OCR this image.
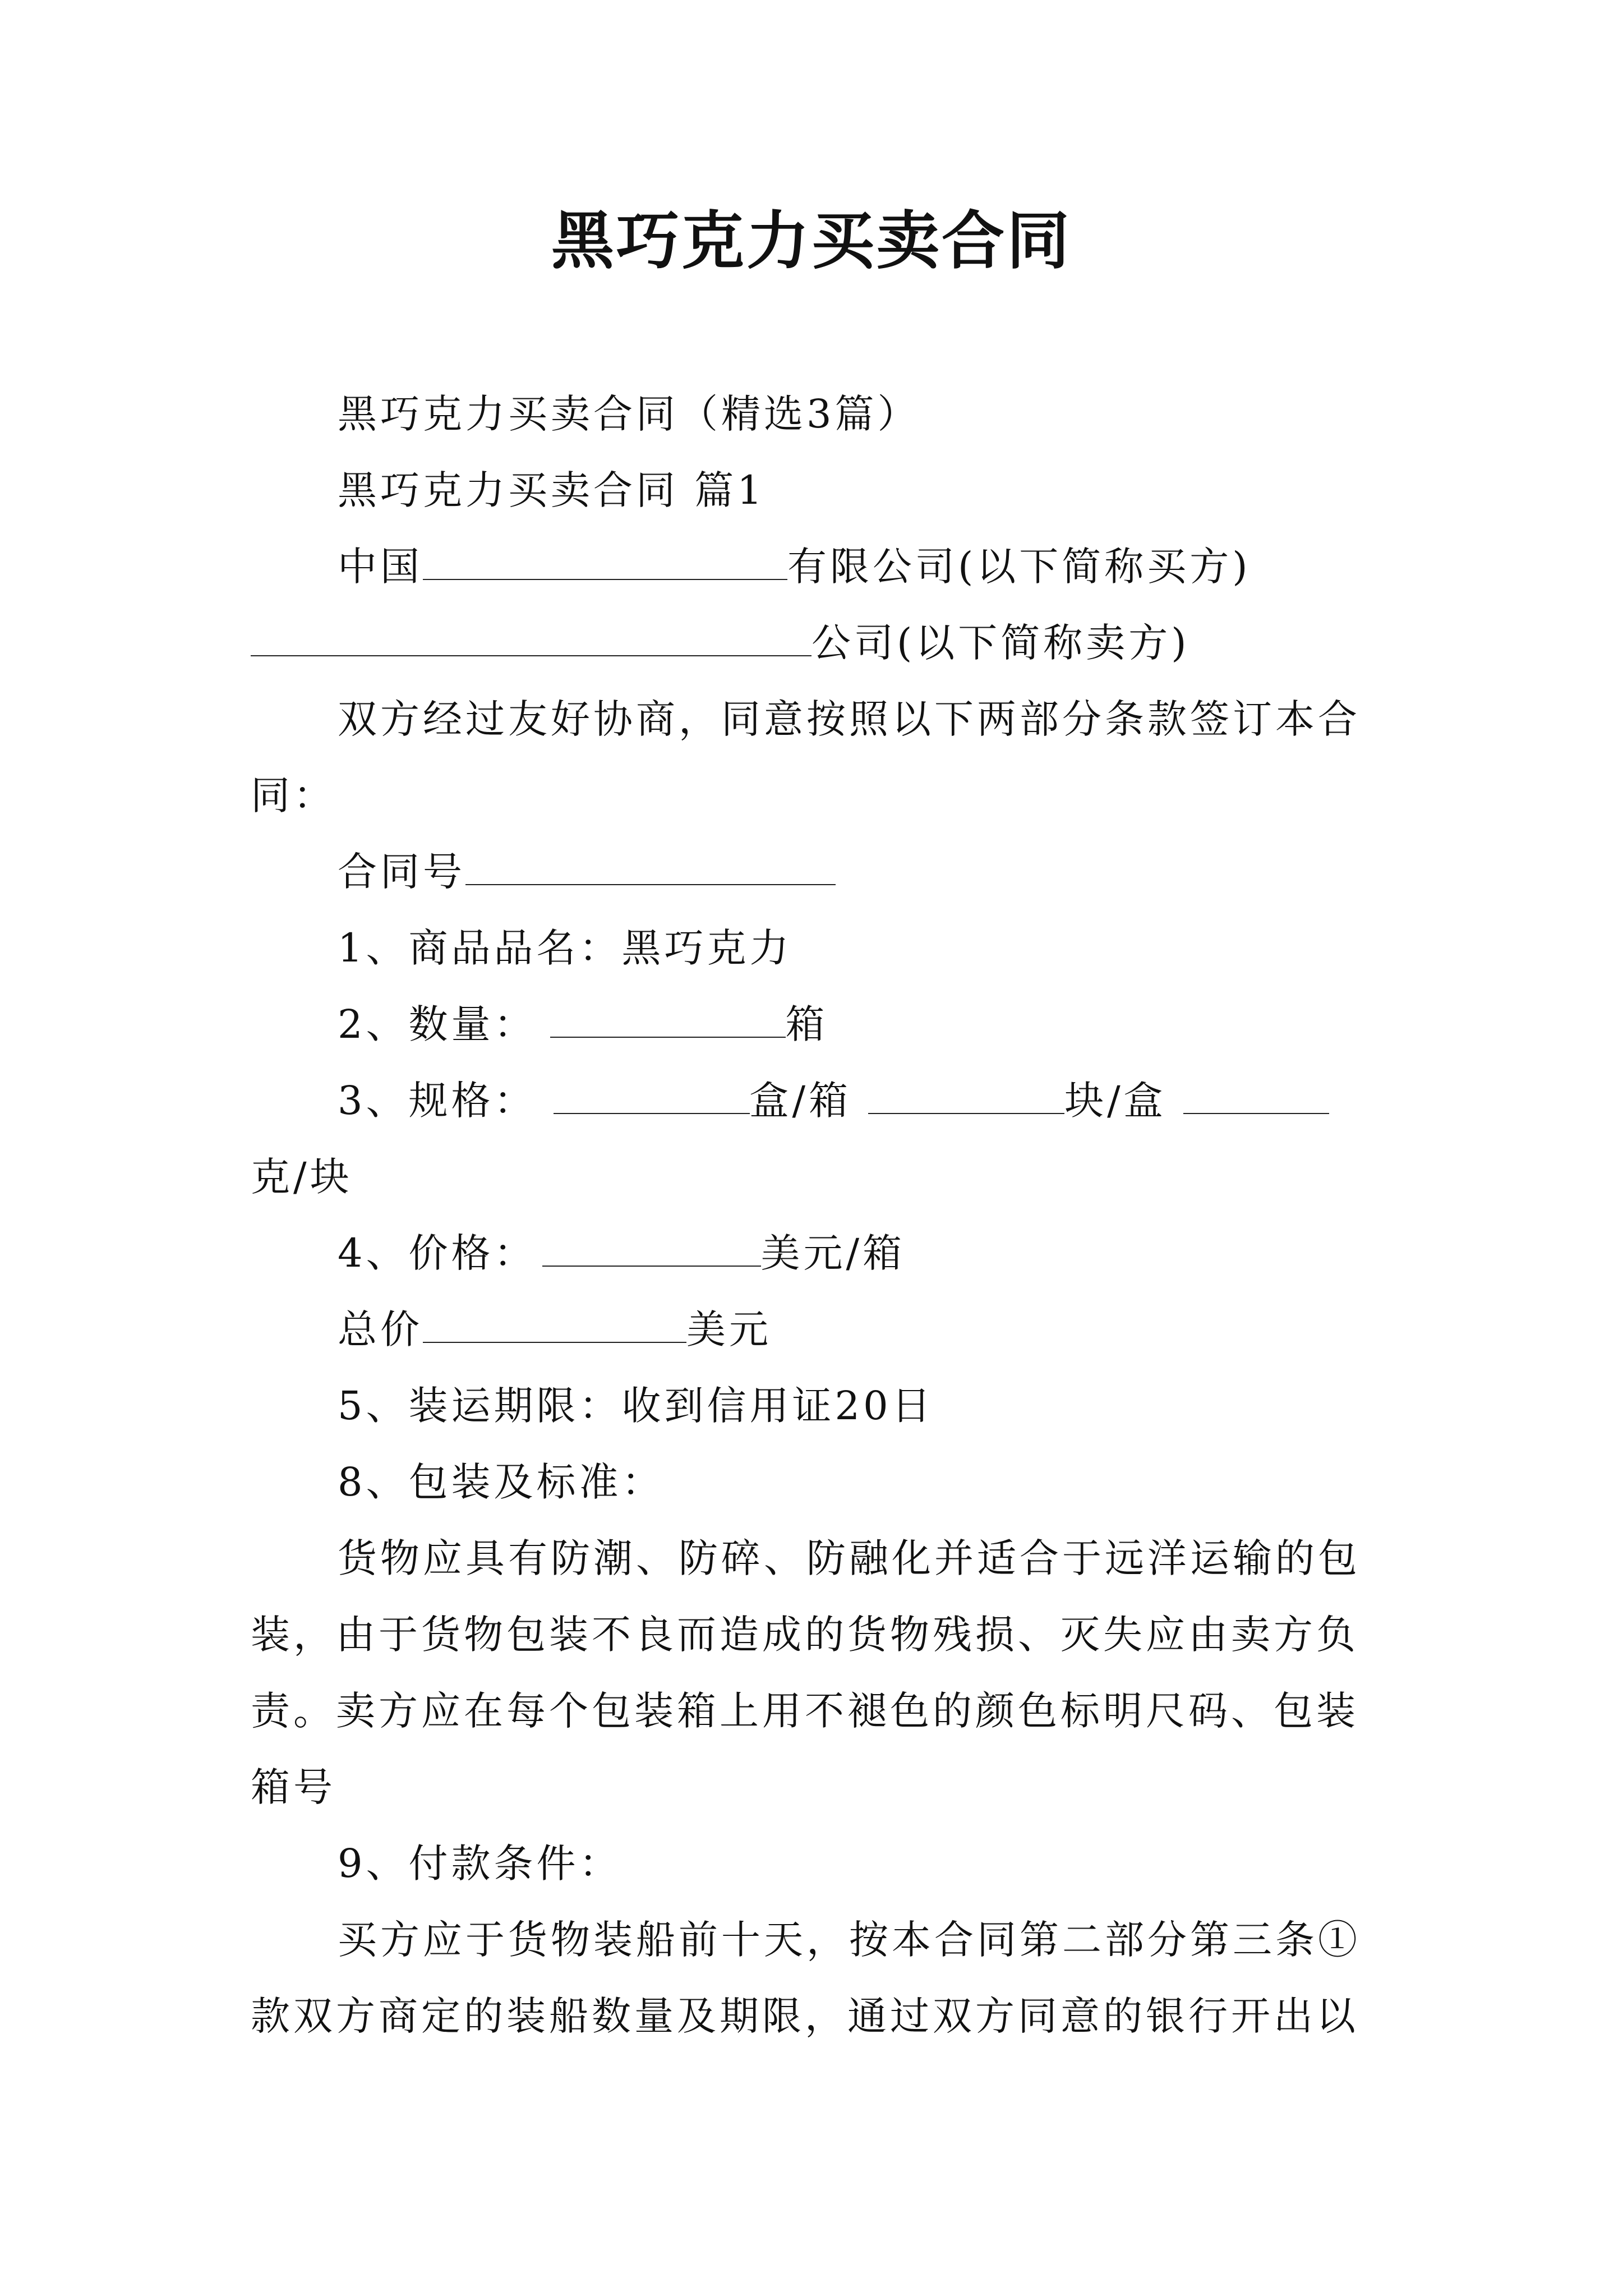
黑巧克力买卖合同

黑巧克力买卖合同（精选3篇）

黑巧克力买卖合同 篇1

中国	有限公司(以下简称买方)

公司(以下简称卖方)

双方经过友好协商，同意按照以下两部分条款签订本合同：

合同号

1、商品品名：黑巧克力

2、数量：	箱

3、规格：	盒/箱	块/盒 克/块

4、价格：	美元/箱

总价	美元

5、装运期限：收到信用证20日

8、包装及标准：

货物应具有防潮、防碎、防融化并适合于远洋运输的包装，由于货物包装不良而造成的货物残损、灭失应由卖方负责。卖方应在每个包装箱上用不褪色的颜色标明尺码、包装箱号

9、付款条件：

买方应于货物装船前十天，按本合同第二部分第三条①款双方商定的装船数量及期限，通过双方同意的银行开出以
